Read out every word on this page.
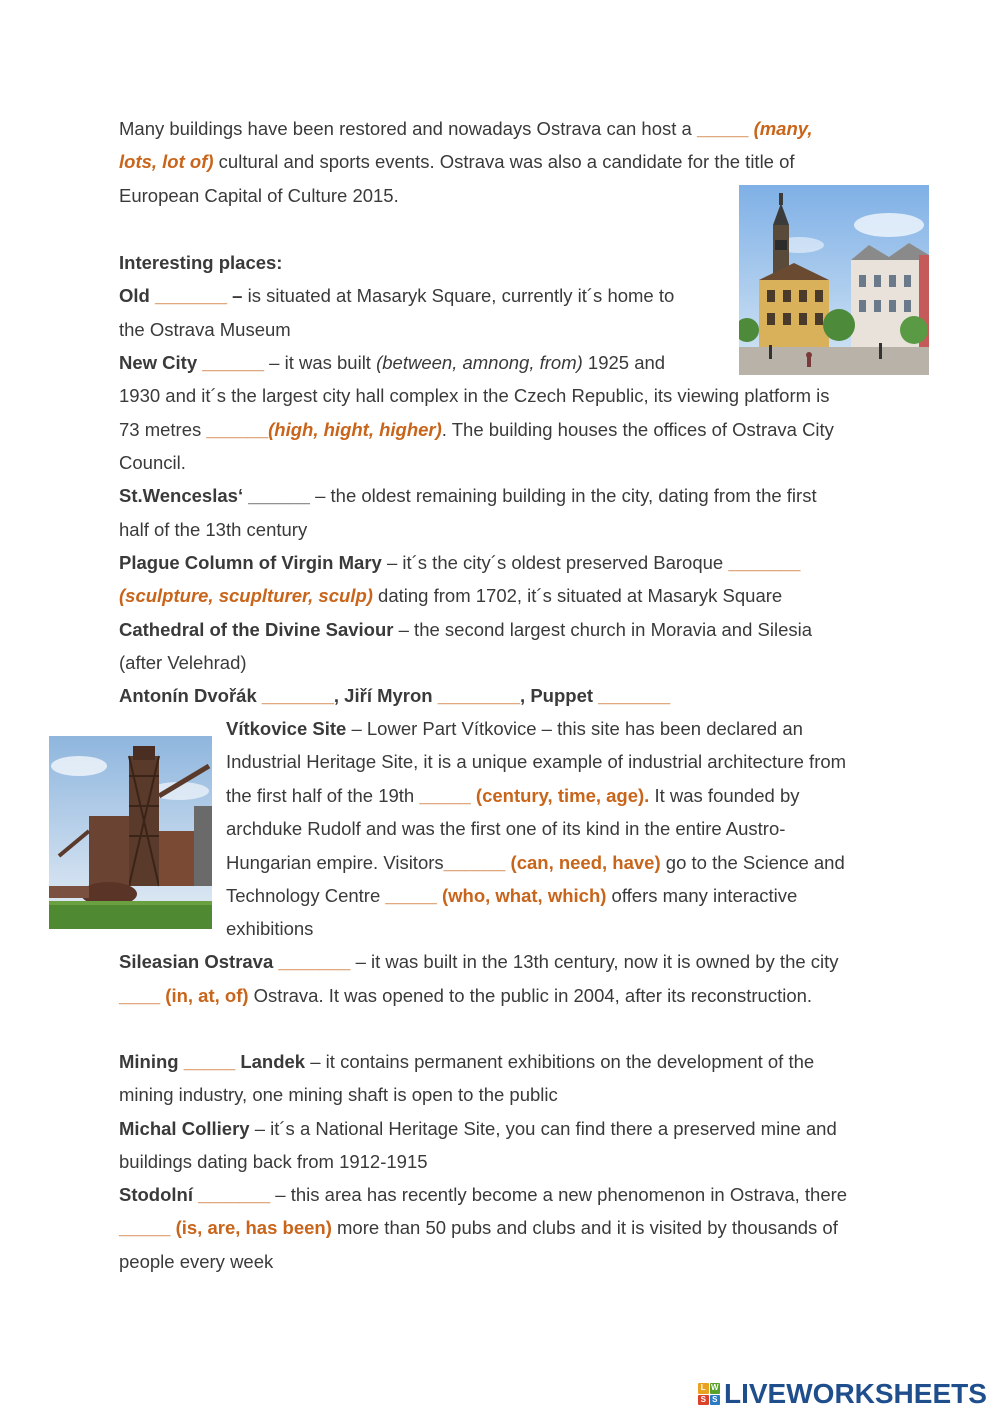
Many buildings have been restored and nowadays Ostrava can host a _____ (many,
lots, lot of) cultural and sports events. Ostrava was also a candidate for the title of
European Capital of Culture 2015.
Interesting places:
Old _______ – is situated at Masaryk Square, currently it´s home to
the Ostrava Museum
New City ______ – it was built (between, amnong, from) 1925 and
1930 and it´s the largest city hall complex in the Czech Republic, its viewing platform is
73 metres ______(high, hight, higher). The building houses the offices of Ostrava City
Council.
St.Wenceslas‘ ______ – the oldest remaining building in the city, dating from the first
half of the 13th century
Plague Column of Virgin Mary – it´s the city´s oldest preserved Baroque _______
(sculpture, scuplturer, sculp) dating from 1702, it´s situated at Masaryk Square
Cathedral of the Divine Saviour – the second largest church in Moravia and Silesia
(after Velehrad)
Antonín Dvořák _______, Jiří Myron ________, Puppet _______
Vítkovice Site – Lower Part Vítkovice – this site has been declared an
Industrial Heritage Site, it is a unique example of industrial architecture from
the first half of the 19th _____ (century, time, age). It was founded by
archduke Rudolf and was the first one of its kind in the entire Austro-
Hungarian empire. Visitors______ (can, need, have) go to the Science and
Technology Centre _____ (who, what, which) offers many interactive
exhibitions
Sileasian Ostrava _______ – it was built in the 13th century, now it is owned by the city
____ (in, at, of) Ostrava. It was opened to the public in 2004, after its reconstruction.
Mining _____ Landek – it contains permanent exhibitions on the development of the
mining industry, one mining shaft is open to the public
Michal Colliery – it´s a National Heritage Site, you can find there a preserved mine and
buildings dating back from 1912-1915
Stodolní _______ – this area has recently become a new phenomenon in Ostrava, there
_____ (is, are, has been) more than 50 pubs and clubs and it is visited by thousands of
people every week
L W
S S LIVEWORKSHEETS
